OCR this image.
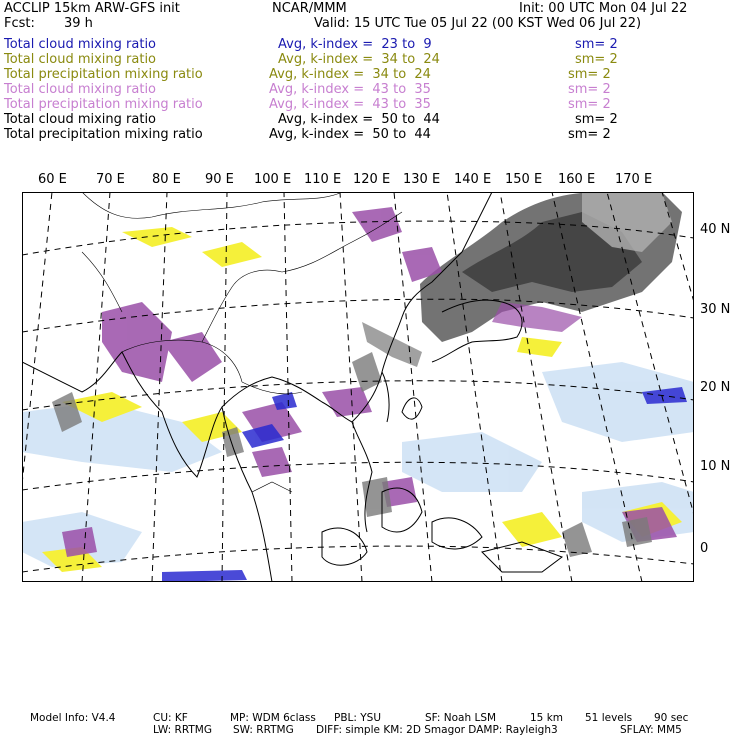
ACCLIP 15km ARW-GFS init	NCAR/MMM	Init: 00 UTC Mon 04 Jul 22
Fcst: 39 h	Valid: 15 UTC Tue 05 Jul 22 (00 KST Wed 06 Jul 22)
Total cloud mixing ratio	Avg, k-index =  23 to  9	sm= 2
Total cloud mixing ratio	Avg, k-index =  34 to  24	sm= 2
Total precipitation mixing ratio	Avg, k-index =  34 to  24	sm= 2
Total cloud mixing ratio	Avg, k-index =  43 to  35	sm= 2
Total precipitation mixing ratio	Avg, k-index =  43 to  35	sm= 2
Total cloud mixing ratio	Avg, k-index =  50 to  44	sm= 2
Total precipitation mixing ratio	Avg, k-index =  50 to  44	sm= 2
60 E 70 E 80 E 90 E 100 E 110 E 120 E 130 E 140 E 150 E 160 E 170 E
40 N
30 N
20 N
10 N
0
Model Info: V4.4	CU: KF	MP: WDM 6class PBL: YSU	SF: Noah LSM	15 km 51 levels 90 sec
LW: RRTMG SW: RRTMG DIFF: simple KM: 2D Smagor DAMP: Rayleigh3	SFLAY: MM5
